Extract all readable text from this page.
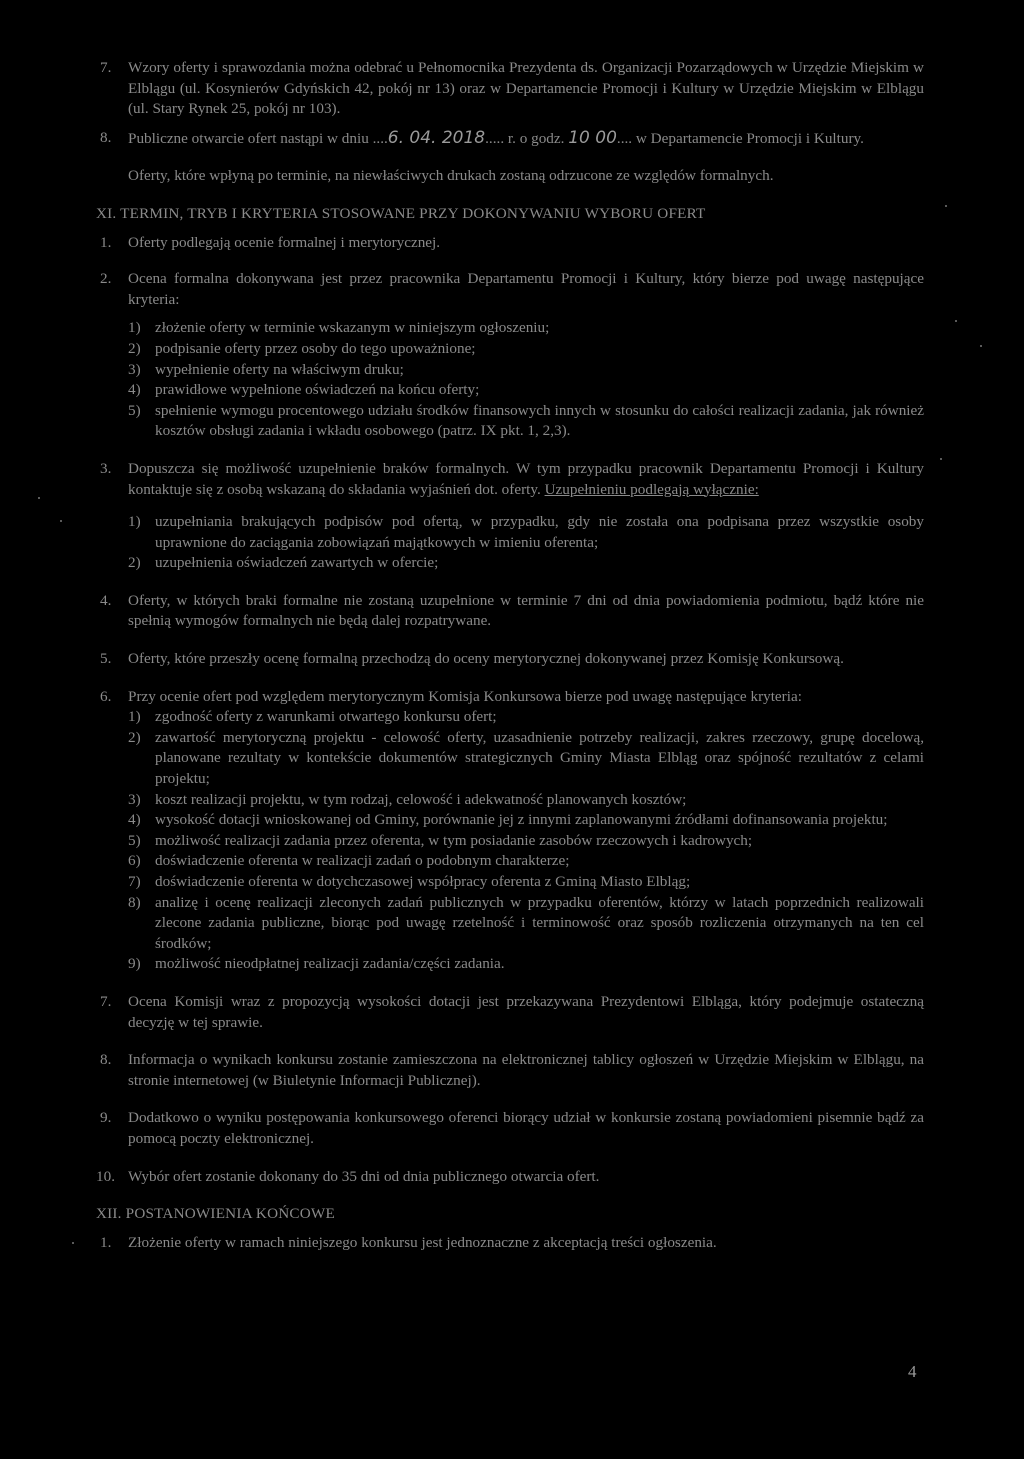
7. Wzory oferty i sprawozdania można odebrać u Pełnomocnika Prezydenta ds. Organizacji Pozarządowych w Urzędzie Miejskim w Elblągu (ul. Kosynierów Gdyńskich 42, pokój nr 13) oraz w Departamencie Promocji i Kultury w Urzędzie Miejskim w Elblągu (ul. Stary Rynek 25, pokój nr 103).
8. Publiczne otwarcie ofert nastąpi w dniu ....6. 04. 2018..... r. o godz. 10 00.... w Departamencie Promocji i Kultury.
Oferty, które wpłyną po terminie, na niewłaściwych drukach zostaną odrzucone ze względów formalnych.
XI. TERMIN, TRYB I KRYTERIA STOSOWANE PRZY DOKONYWANIU WYBORU OFERT
1. Oferty podlegają ocenie formalnej i merytorycznej.
2. Ocena formalna dokonywana jest przez pracownika Departamentu Promocji i Kultury, który bierze pod uwagę następujące kryteria:
1) złożenie oferty w terminie wskazanym w niniejszym ogłoszeniu;
2) podpisanie oferty przez osoby do tego upoważnione;
3) wypełnienie oferty na właściwym druku;
4) prawidłowe wypełnione oświadczeń na końcu oferty;
5) spełnienie wymogu procentowego udziału środków finansowych innych w stosunku do całości realizacji zadania, jak również kosztów obsługi zadania i wkładu osobowego (patrz. IX pkt. 1, 2,3).
3. Dopuszcza się możliwość uzupełnienie braków formalnych. W tym przypadku pracownik Departamentu Promocji i Kultury kontaktuje się z osobą wskazaną do składania wyjaśnień dot. oferty. Uzupełnieniu podlegają wyłącznie:
1) uzupełniania brakujących podpisów pod ofertą, w przypadku, gdy nie została ona podpisana przez wszystkie osoby uprawnione do zaciągania zobowiązań majątkowych w imieniu oferenta;
2) uzupełnienia oświadczeń zawartych w ofercie;
4. Oferty, w których braki formalne nie zostaną uzupełnione w terminie 7 dni od dnia powiadomienia podmiotu, bądź które nie spełnią wymogów formalnych nie będą dalej rozpatrywane.
5. Oferty, które przeszły ocenę formalną przechodzą do oceny merytorycznej dokonywanej przez Komisję Konkursową.
6. Przy ocenie ofert pod względem merytorycznym Komisja Konkursowa bierze pod uwagę następujące kryteria:
1) zgodność oferty z warunkami otwartego konkursu ofert;
2) zawartość merytoryczną projektu - celowość oferty, uzasadnienie potrzeby realizacji, zakres rzeczowy, grupę docelową, planowane rezultaty w kontekście dokumentów strategicznych Gminy Miasta Elbląg oraz spójność rezultatów z celami projektu;
3) koszt realizacji projektu, w tym rodzaj, celowość i adekwatność planowanych kosztów;
4) wysokość dotacji wnioskowanej od Gminy, porównanie jej z innymi zaplanowanymi źródłami dofinansowania projektu;
5) możliwość realizacji zadania przez oferenta, w tym posiadanie zasobów rzeczowych i kadrowych;
6) doświadczenie oferenta w realizacji zadań o podobnym charakterze;
7) doświadczenie oferenta w dotychczasowej współpracy oferenta z Gminą Miasto Elbląg;
8) analizę i ocenę realizacji zleconych zadań publicznych w przypadku oferentów, którzy w latach poprzednich realizowali zlecone zadania publiczne, biorąc pod uwagę rzetelność i terminowość oraz sposób rozliczenia otrzymanych na ten cel środków;
9) możliwość nieodpłatnej realizacji zadania/części zadania.
7. Ocena Komisji wraz z propozycją wysokości dotacji jest przekazywana Prezydentowi Elbląga, który podejmuje ostateczną decyzję w tej sprawie.
8. Informacja o wynikach konkursu zostanie zamieszczona na elektronicznej tablicy ogłoszeń w Urzędzie Miejskim w Elblągu, na stronie internetowej (w Biuletynie Informacji Publicznej).
9. Dodatkowo o wyniku postępowania konkursowego oferenci biorący udział w konkursie zostaną powiadomieni pisemnie bądź za pomocą poczty elektronicznej.
10. Wybór ofert zostanie dokonany do 35 dni od dnia publicznego otwarcia ofert.
XII. POSTANOWIENIA KOŃCOWE
1. Złożenie oferty w ramach niniejszego konkursu jest jednoznaczne z akceptacją treści ogłoszenia.
4
